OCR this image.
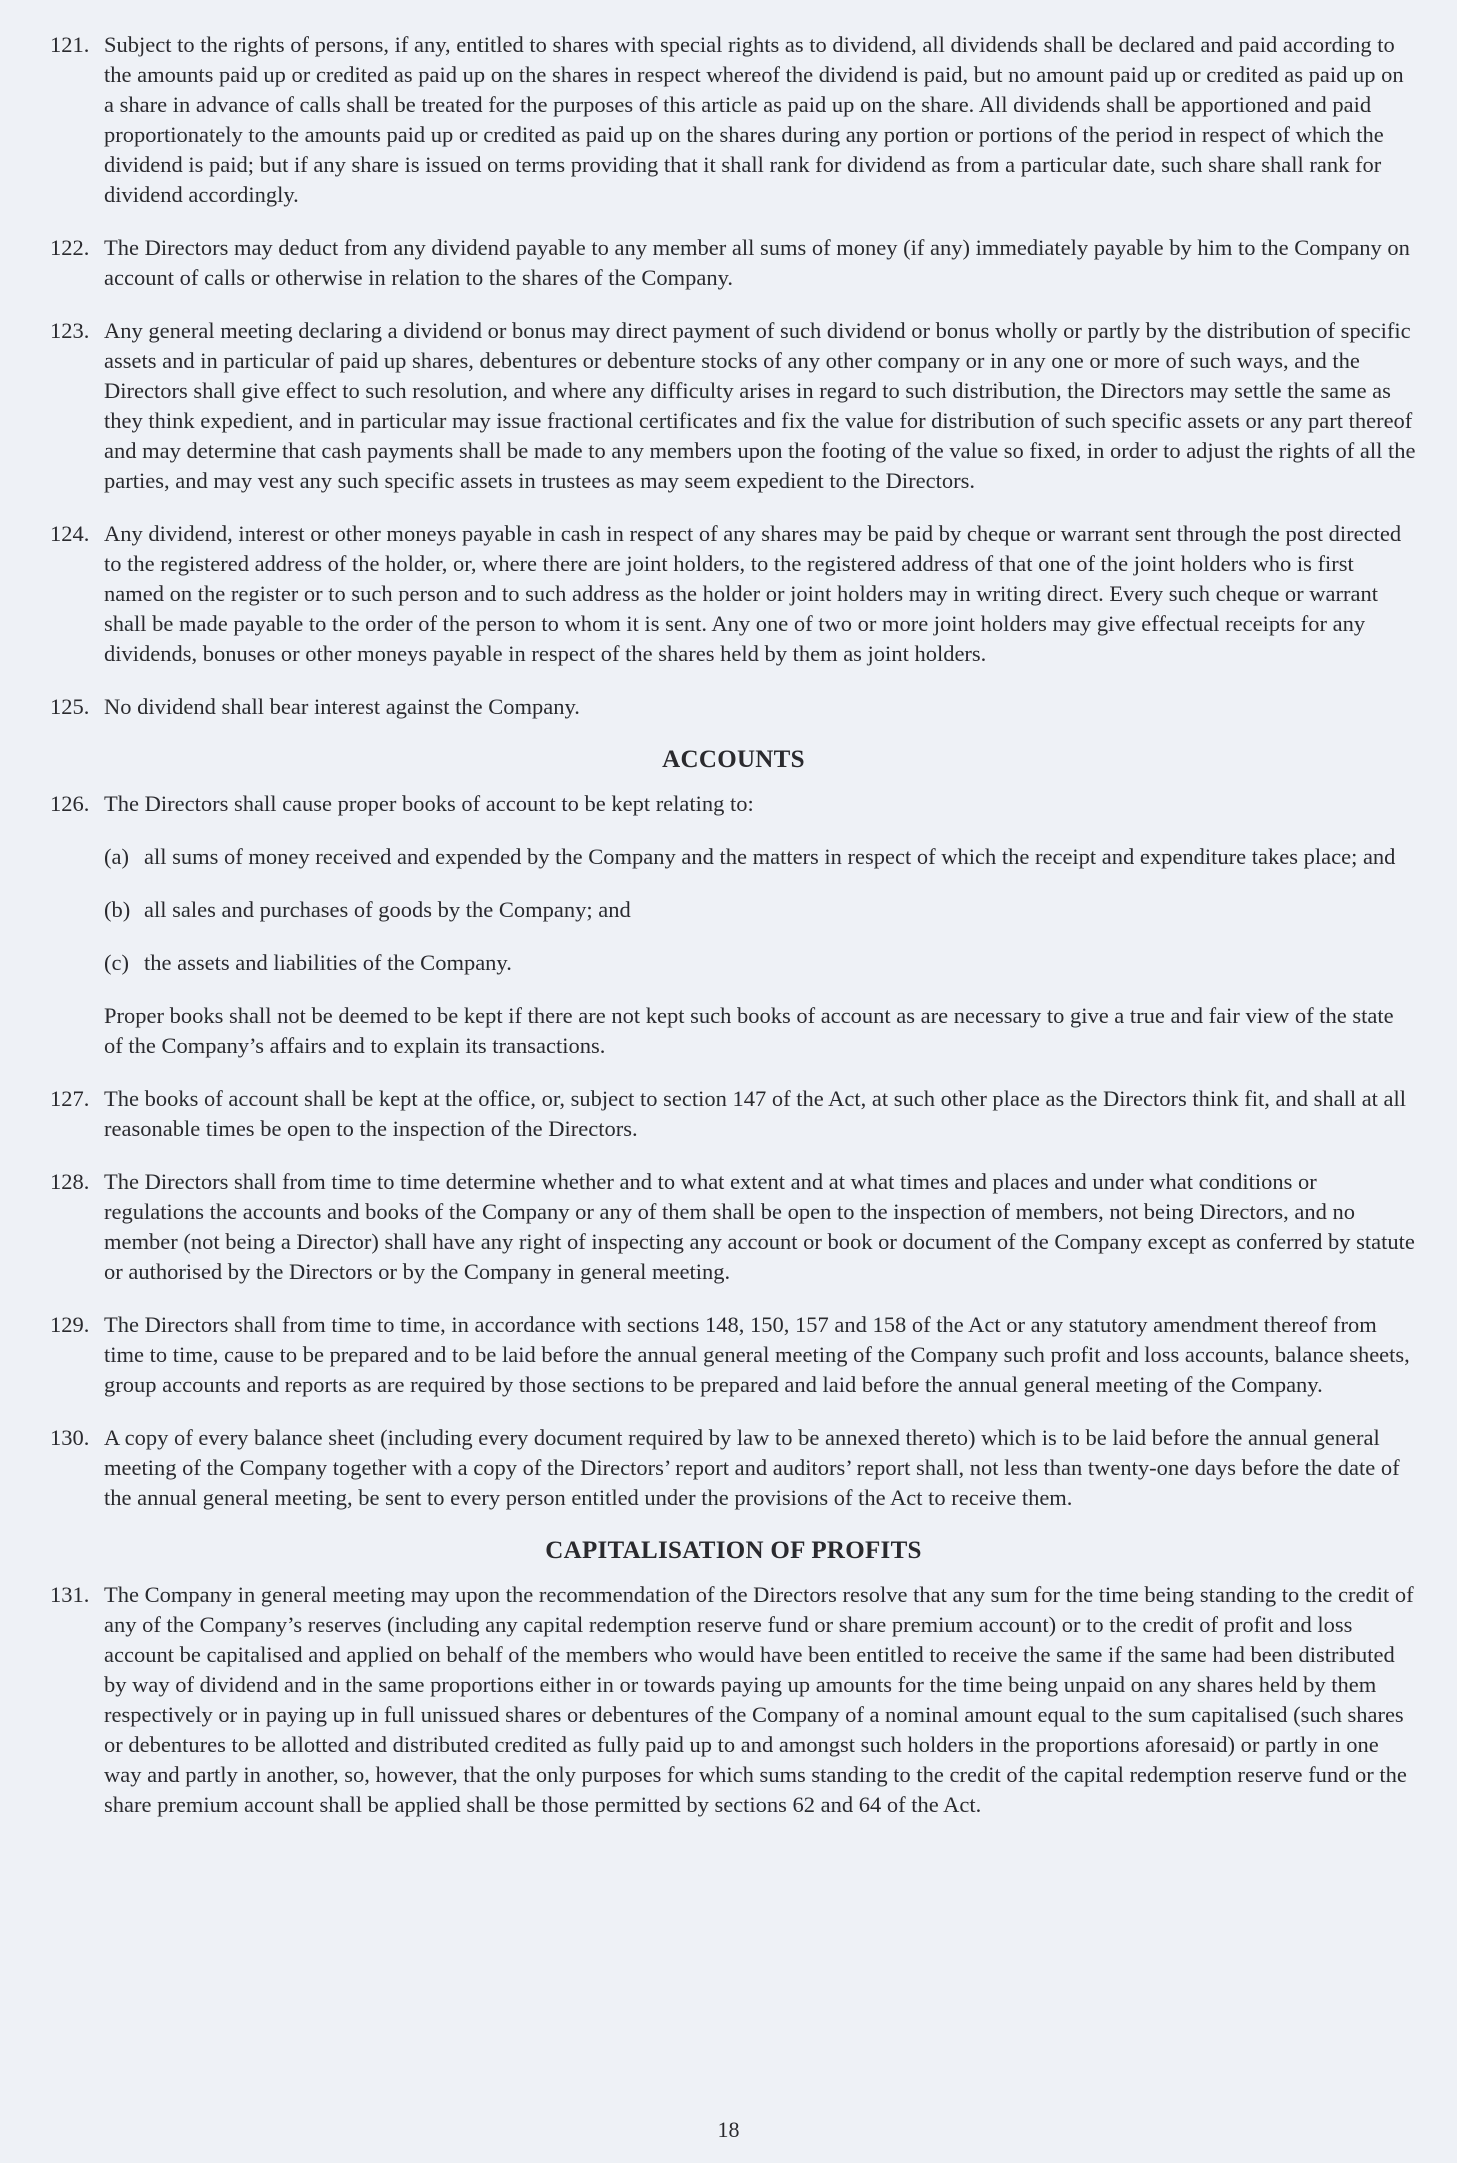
121. Subject to the rights of persons, if any, entitled to shares with special rights as to dividend, all dividends shall be declared and paid according to the amounts paid up or credited as paid up on the shares in respect whereof the dividend is paid, but no amount paid up or credited as paid up on a share in advance of calls shall be treated for the purposes of this article as paid up on the share. All dividends shall be apportioned and paid proportionately to the amounts paid up or credited as paid up on the shares during any portion or portions of the period in respect of which the dividend is paid; but if any share is issued on terms providing that it shall rank for dividend as from a particular date, such share shall rank for dividend accordingly.
122. The Directors may deduct from any dividend payable to any member all sums of money (if any) immediately payable by him to the Company on account of calls or otherwise in relation to the shares of the Company.
123. Any general meeting declaring a dividend or bonus may direct payment of such dividend or bonus wholly or partly by the distribution of specific assets and in particular of paid up shares, debentures or debenture stocks of any other company or in any one or more of such ways, and the Directors shall give effect to such resolution, and where any difficulty arises in regard to such distribution, the Directors may settle the same as they think expedient, and in particular may issue fractional certificates and fix the value for distribution of such specific assets or any part thereof and may determine that cash payments shall be made to any members upon the footing of the value so fixed, in order to adjust the rights of all the parties, and may vest any such specific assets in trustees as may seem expedient to the Directors.
124. Any dividend, interest or other moneys payable in cash in respect of any shares may be paid by cheque or warrant sent through the post directed to the registered address of the holder, or, where there are joint holders, to the registered address of that one of the joint holders who is first named on the register or to such person and to such address as the holder or joint holders may in writing direct. Every such cheque or warrant shall be made payable to the order of the person to whom it is sent. Any one of two or more joint holders may give effectual receipts for any dividends, bonuses or other moneys payable in respect of the shares held by them as joint holders.
125. No dividend shall bear interest against the Company.
ACCOUNTS
126. The Directors shall cause proper books of account to be kept relating to:
(a) all sums of money received and expended by the Company and the matters in respect of which the receipt and expenditure takes place; and
(b) all sales and purchases of goods by the Company; and
(c) the assets and liabilities of the Company.
Proper books shall not be deemed to be kept if there are not kept such books of account as are necessary to give a true and fair view of the state of the Company’s affairs and to explain its transactions.
127. The books of account shall be kept at the office, or, subject to section 147 of the Act, at such other place as the Directors think fit, and shall at all reasonable times be open to the inspection of the Directors.
128. The Directors shall from time to time determine whether and to what extent and at what times and places and under what conditions or regulations the accounts and books of the Company or any of them shall be open to the inspection of members, not being Directors, and no member (not being a Director) shall have any right of inspecting any account or book or document of the Company except as conferred by statute or authorised by the Directors or by the Company in general meeting.
129. The Directors shall from time to time, in accordance with sections 148, 150, 157 and 158 of the Act or any statutory amendment thereof from time to time, cause to be prepared and to be laid before the annual general meeting of the Company such profit and loss accounts, balance sheets, group accounts and reports as are required by those sections to be prepared and laid before the annual general meeting of the Company.
130. A copy of every balance sheet (including every document required by law to be annexed thereto) which is to be laid before the annual general meeting of the Company together with a copy of the Directors’ report and auditors’ report shall, not less than twenty-one days before the date of the annual general meeting, be sent to every person entitled under the provisions of the Act to receive them.
CAPITALISATION OF PROFITS
131. The Company in general meeting may upon the recommendation of the Directors resolve that any sum for the time being standing to the credit of any of the Company’s reserves (including any capital redemption reserve fund or share premium account) or to the credit of profit and loss account be capitalised and applied on behalf of the members who would have been entitled to receive the same if the same had been distributed by way of dividend and in the same proportions either in or towards paying up amounts for the time being unpaid on any shares held by them respectively or in paying up in full unissued shares or debentures of the Company of a nominal amount equal to the sum capitalised (such shares or debentures to be allotted and distributed credited as fully paid up to and amongst such holders in the proportions aforesaid) or partly in one way and partly in another, so, however, that the only purposes for which sums standing to the credit of the capital redemption reserve fund or the share premium account shall be applied shall be those permitted by sections 62 and 64 of the Act.
18
